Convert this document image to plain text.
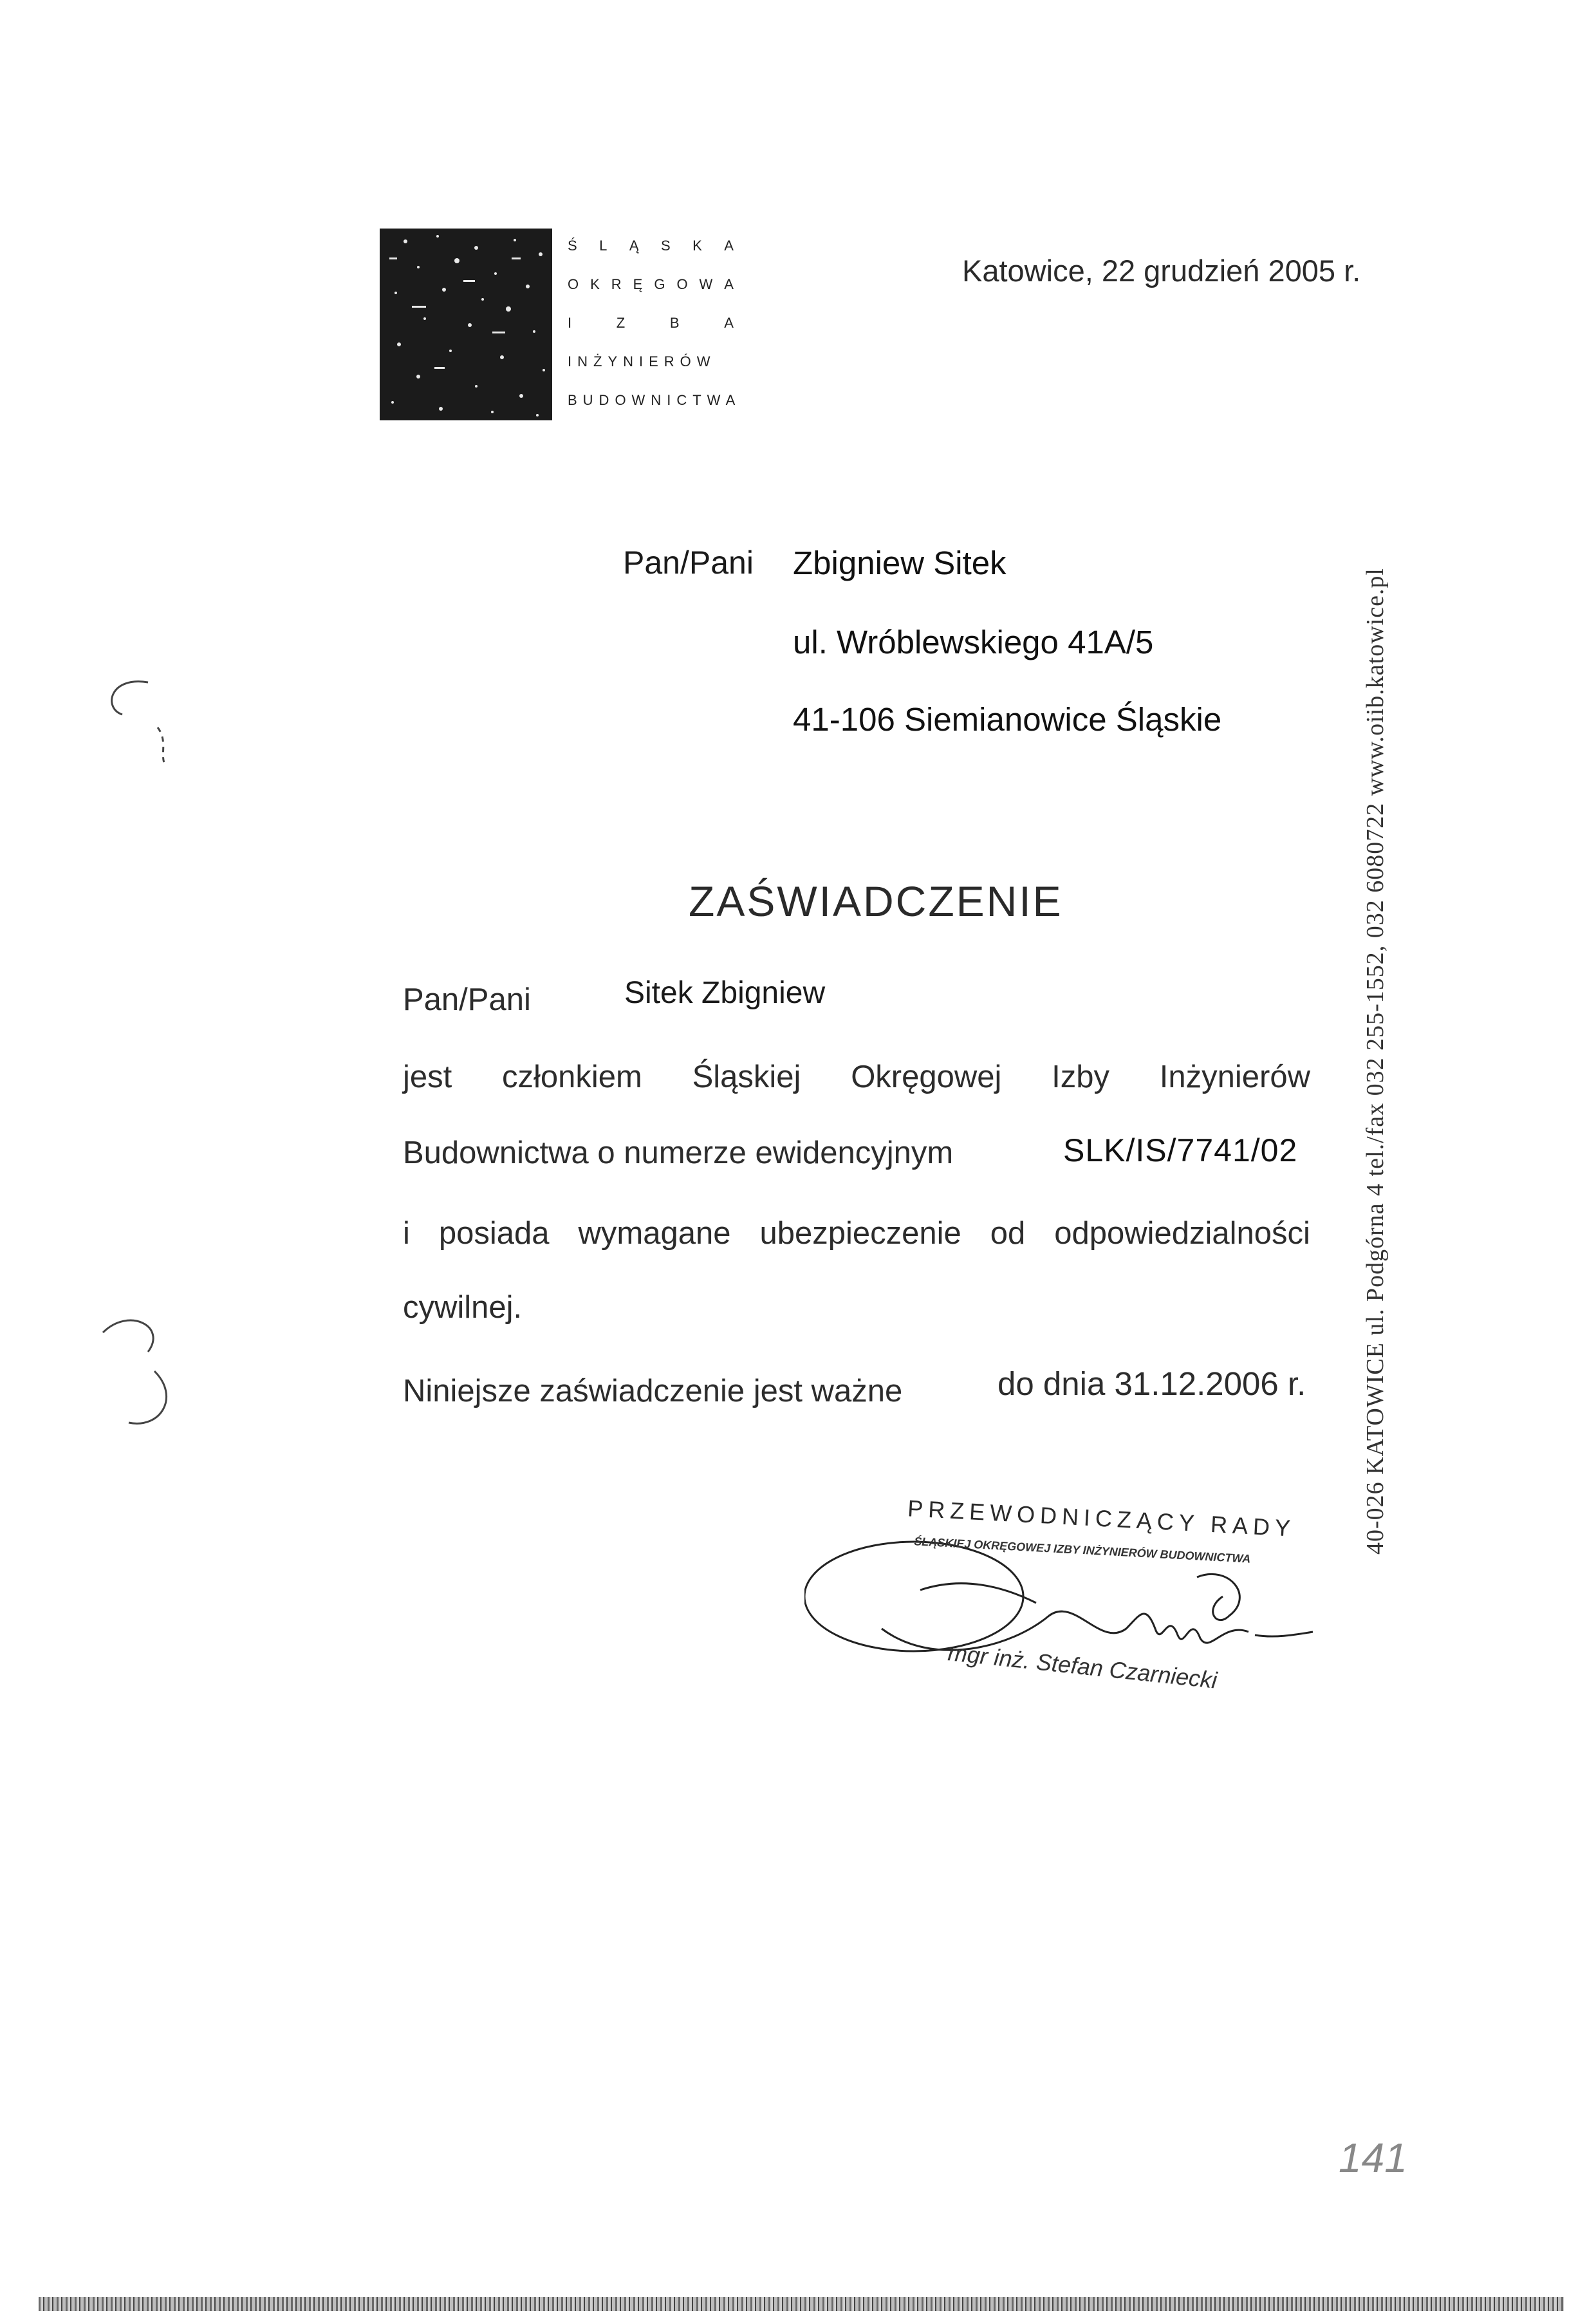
Ś L Ą S K A
O K R Ę G O W A
I	Z	B	A
INŻYNIERÓW
BUDOWNICTWA
Katowice, 22 grudzień 2005 r.
Pan/Pani Zbigniew Sitek
ul. Wróblewskiego 41A/5
41-106 Siemianowice Śląskie
ZAŚWIADCZENIE
Pan/Pani	Sitek Zbigniew
jest członkiem Śląskiej Okręgowej Izby Inżynierów
Budownictwa o numerze ewidencyjnym	SLK/IS/7741/02
i posiada wymagane ubezpieczenie od odpowiedzialności
cywilnej.
Niniejsze zaświadczenie jest ważne	do dnia 31.12.2006 r.
PRZEWODNICZĄCY RADY
ŚLĄSKIEJ OKRĘGOWEJ IZBY INŻYNIERÓW BUDOWNICTWA
mgr inż. Stefan Czarniecki
40-026 KATOWICE ul. Podgórna 4 tel./fax 032 255-1552, 032 6080722 www.oiib.katowice.pl
141
